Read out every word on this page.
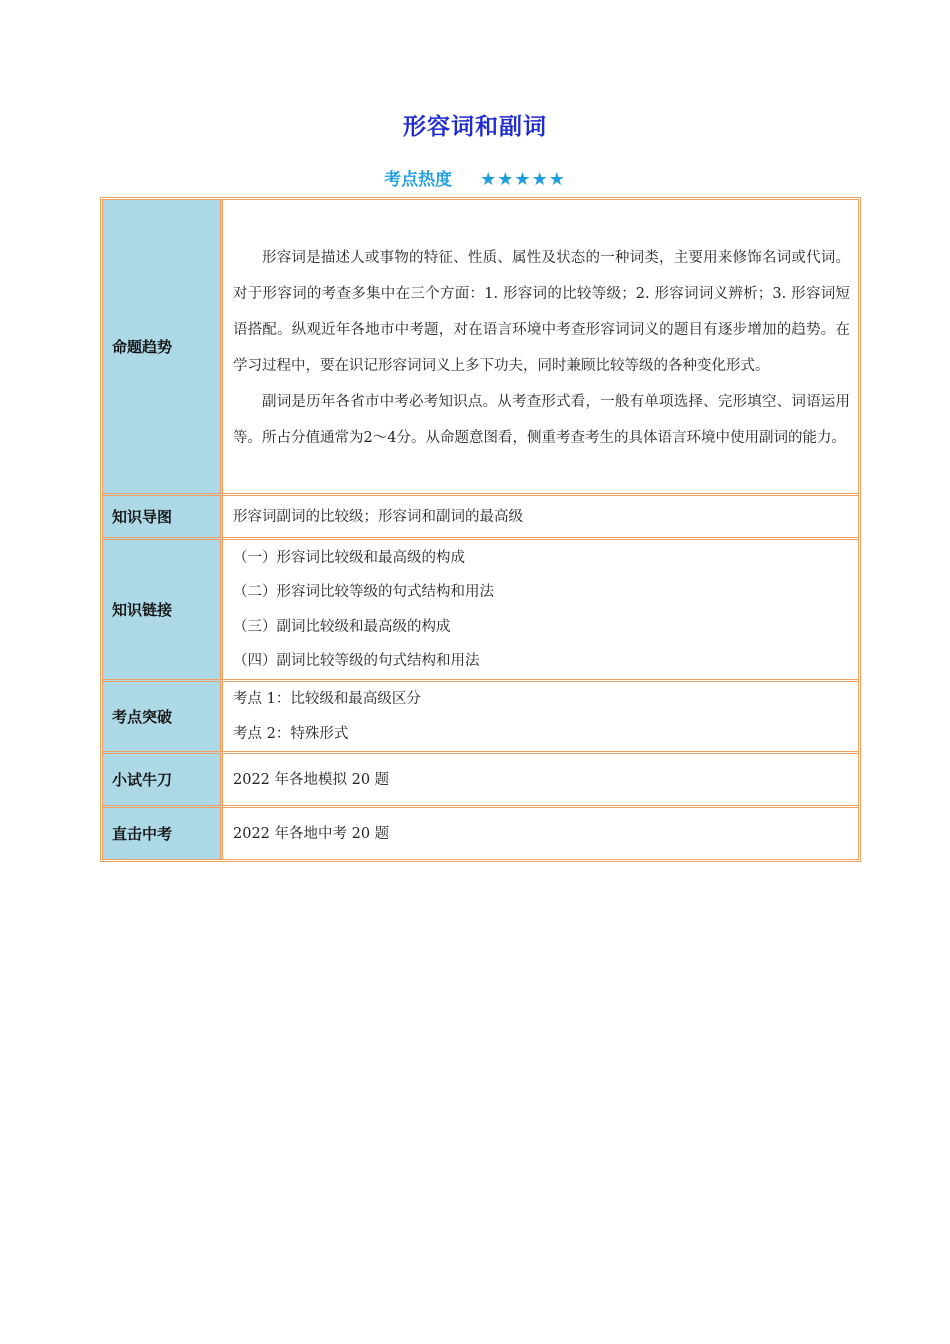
形容词和副词
考点热度 ★★★★★
命题趋势	形容词是描述人或事物的特征、性质、属性及状态的一种词类，主要用来修饰名词或代词。对于形容词的考查多集中在三个方面：1. 形容词的比较等级；2. 形容词词义辨析；3. 形容词短语搭配。纵观近年各地市中考题，对在语言环境中考查形容词词义的题目有逐步增加的趋势。在学习过程中，要在识记形容词词义上多下功夫，同时兼顾比较等级的各种变化形式。

副词是历年各省市中考必考知识点。从考查形式看，一般有单项选择、完形填空、词语运用等。所占分值通常为2～4分。从命题意图看，侧重考查考生的具体语言环境中使用副词的能力。

知识导图	形容词副词的比较级；形容词和副词的最高级

知识链接	（一）形容词比较级和最高级的构成

（二）形容词比较等级的句式结构和用法

（三）副词比较级和最高级的构成

（四）副词比较等级的句式结构和用法

考点突破	考点 1：比较级和最高级区分

考点 2：特殊形式

小试牛刀	2022 年各地模拟 20 题

直击中考	2022 年各地中考 20 题
